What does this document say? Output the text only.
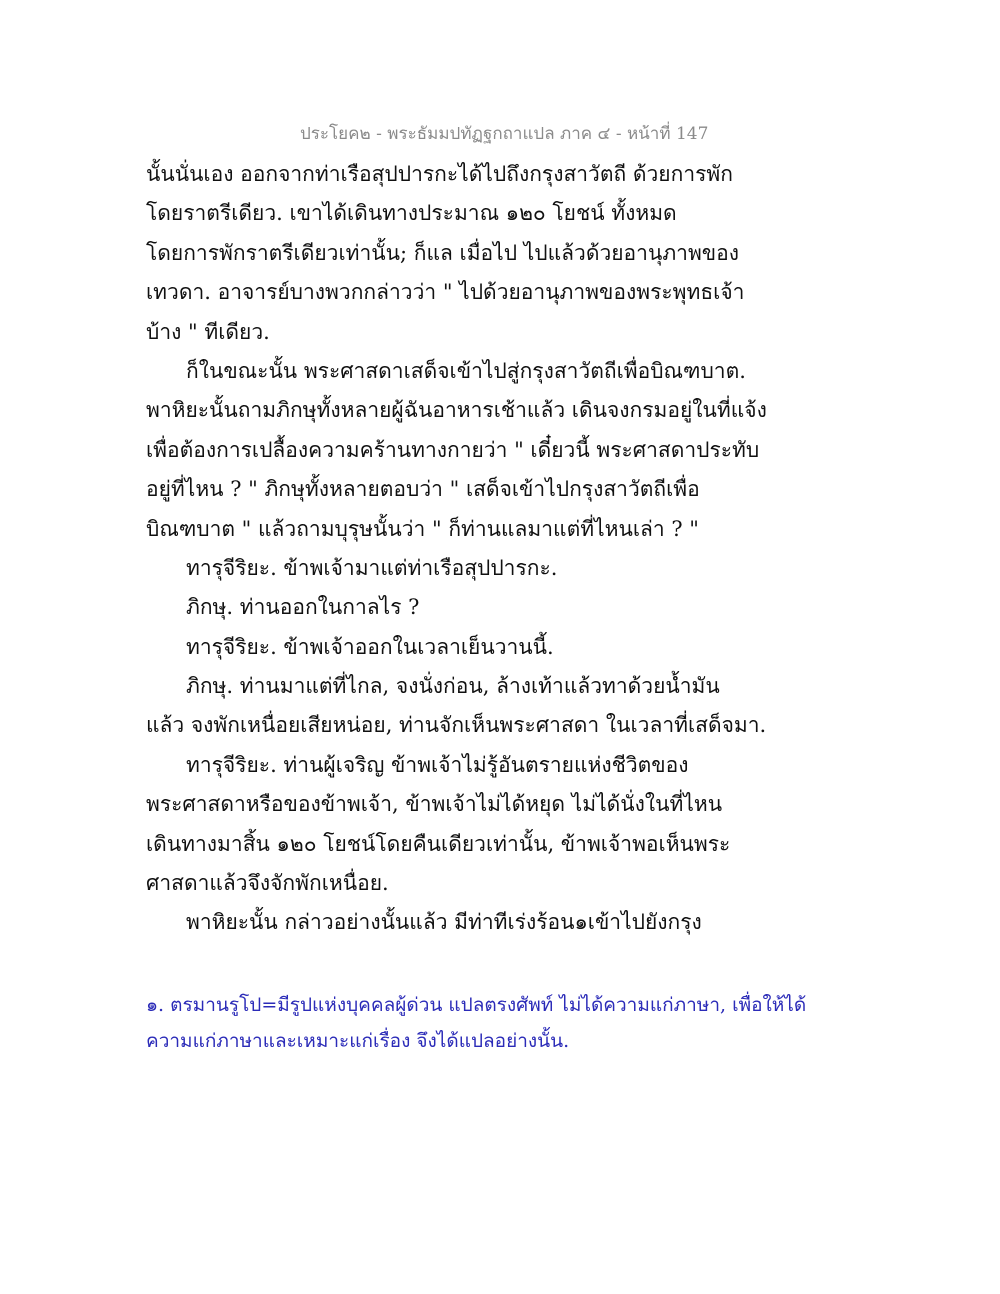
ประโยค๒ - พระธัมมปทัฏฐกถาแปล ภาค ๔ - หน้าที่ 147
นั้นนั่นเอง ออกจากท่าเรือสุปปารกะได้ไปถึงกรุงสาวัตถี ด้วยการพัก
โดยราตรีเดียว. เขาได้เดินทางประมาณ ๑๒๐ โยชน์ ทั้งหมด
โดยการพักราตรีเดียวเท่านั้น; ก็แล เมื่อไป ไปแล้วด้วยอานุภาพของ
เทวดา. อาจารย์บางพวกกล่าวว่า " ไปด้วยอานุภาพของพระพุทธเจ้า
บ้าง " ทีเดียว.
ก็ในขณะนั้น พระศาสดาเสด็จเข้าไปสู่กรุงสาวัตถีเพื่อบิณฑบาต.
พาหิยะนั้นถามภิกษุทั้งหลายผู้ฉันอาหารเช้าแล้ว เดินจงกรมอยู่ในที่แจ้ง
เพื่อต้องการเปลื้องความคร้านทางกายว่า " เดี๋ยวนี้ พระศาสดาประทับ
อยู่ที่ไหน ? " ภิกษุทั้งหลายตอบว่า " เสด็จเข้าไปกรุงสาวัตถีเพื่อ
บิณฑบาต " แล้วถามบุรุษนั้นว่า " ก็ท่านแลมาแต่ที่ไหนเล่า ? "
ทารุจีริยะ. ข้าพเจ้ามาแต่ท่าเรือสุปปารกะ.
ภิกษุ. ท่านออกในกาลไร ?
ทารุจีริยะ. ข้าพเจ้าออกในเวลาเย็นวานนี้.
ภิกษุ. ท่านมาแต่ที่ไกล, จงนั่งก่อน, ล้างเท้าแล้วทาด้วยน้ำมัน
แล้ว จงพักเหนื่อยเสียหน่อย, ท่านจักเห็นพระศาสดา ในเวลาที่เสด็จมา.
ทารุจีริยะ. ท่านผู้เจริญ ข้าพเจ้าไม่รู้อันตรายแห่งชีวิตของ
พระศาสดาหรือของข้าพเจ้า, ข้าพเจ้าไม่ได้หยุด ไม่ได้นั่งในที่ไหน
เดินทางมาสิ้น ๑๒๐ โยชน์โดยคืนเดียวเท่านั้น, ข้าพเจ้าพอเห็นพระ
ศาสดาแล้วจึงจักพักเหนื่อย.
พาหิยะนั้น กล่าวอย่างนั้นแล้ว มีท่าทีเร่งร้อน๑เข้าไปยังกรุง
๑. ตรมานรูโป=มีรูปแห่งบุคคลผู้ด่วน แปลตรงศัพท์ ไม่ได้ความแก่ภาษา, เพื่อให้ได้
ความแก่ภาษาและเหมาะแก่เรื่อง จึงได้แปลอย่างนั้น.
